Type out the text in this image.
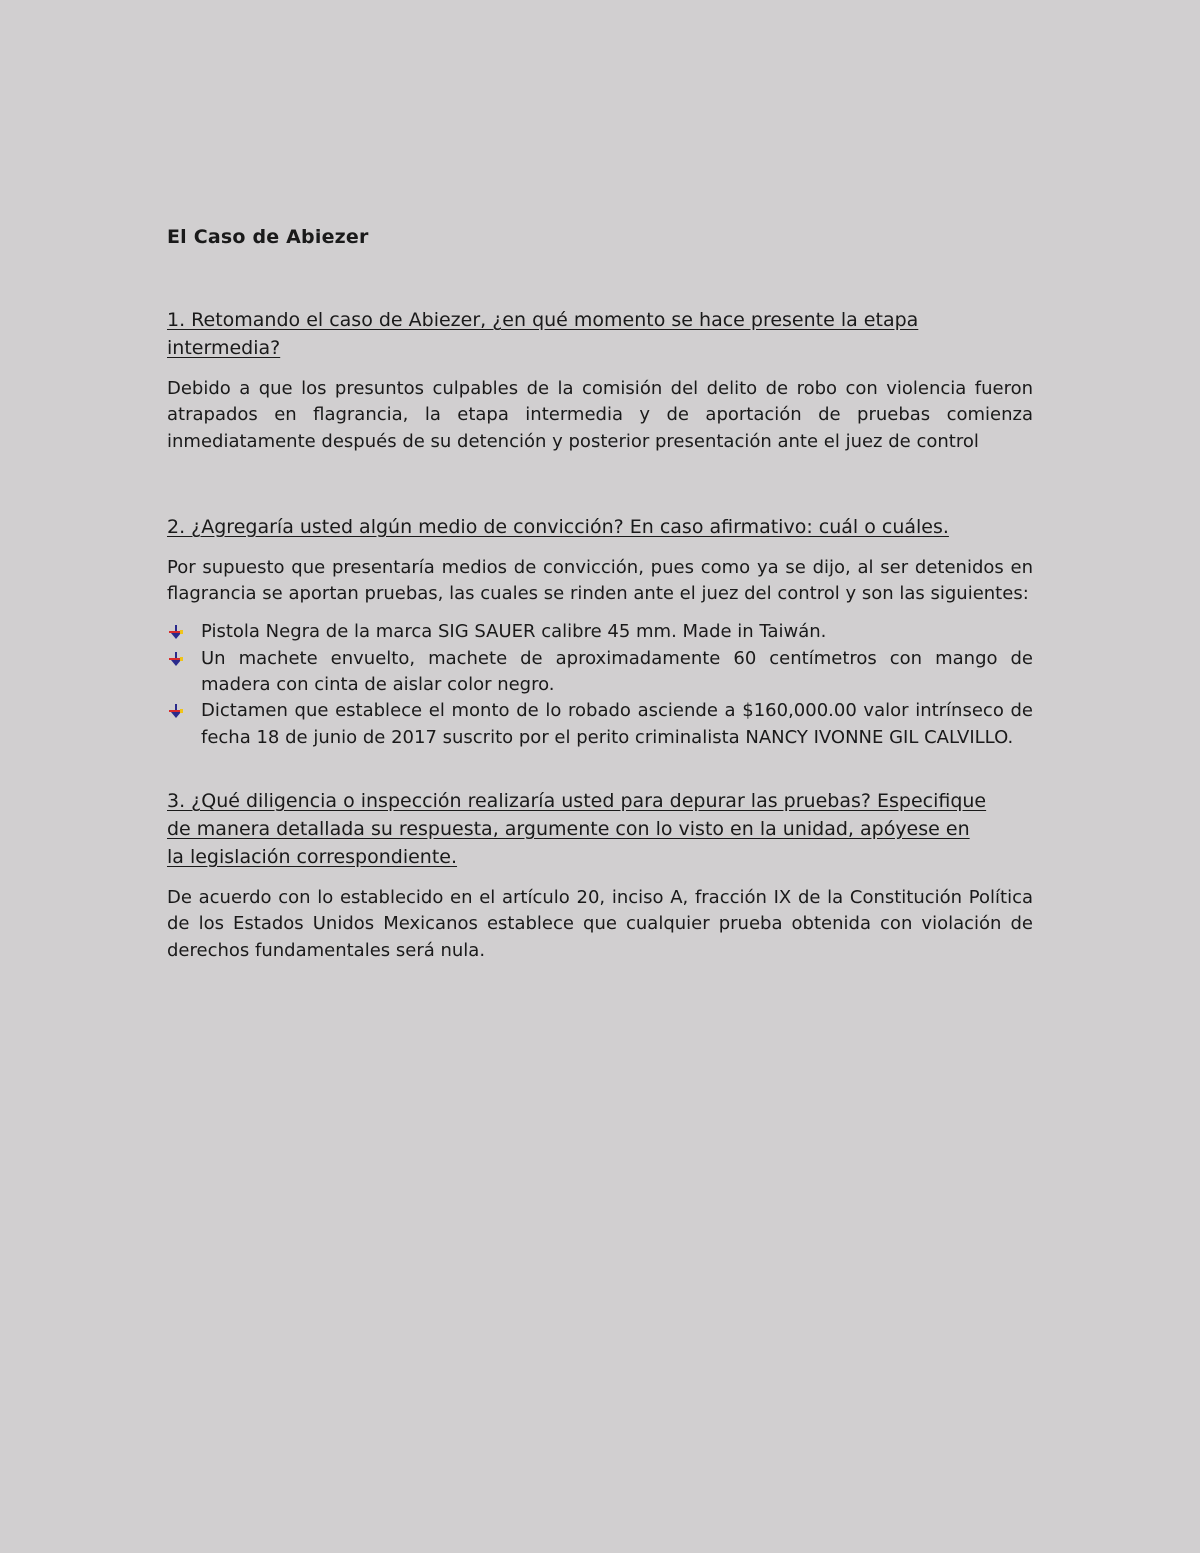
El Caso de Abiezer

1. Retomando el caso de Abiezer, ¿en qué momento se hace presente la etapa intermedia?

Debido a que los presuntos culpables de la comisión del delito de robo con violencia fueron atrapados en flagrancia, la etapa intermedia y de aportación de pruebas comienza inmediatamente después de su detención y posterior presentación ante el juez de control

2. ¿Agregaría usted algún medio de convicción? En caso afirmativo: cuál o cuáles.

Por supuesto que presentaría medios de convicción, pues como ya se dijo, al ser detenidos en flagrancia se aportan pruebas, las cuales se rinden ante el juez del control y son las siguientes:

Pistola Negra de la marca SIG SAUER calibre 45 mm. Made in Taiwán.
Un machete envuelto, machete de aproximadamente 60 centímetros con mango de madera con cinta de aislar color negro.
Dictamen que establece el monto de lo robado asciende a $160,000.00 valor intrínseco de fecha 18 de junio de 2017 suscrito por el perito criminalista NANCY IVONNE GIL CALVILLO.

3. ¿Qué diligencia o inspección realizaría usted para depurar las pruebas? Especifique de manera detallada su respuesta, argumente con lo visto en la unidad, apóyese en la legislación correspondiente.

De acuerdo con lo establecido en el artículo 20, inciso A, fracción IX de la Constitución Política de los Estados Unidos Mexicanos establece que cualquier prueba obtenida con violación de derechos fundamentales será nula.
